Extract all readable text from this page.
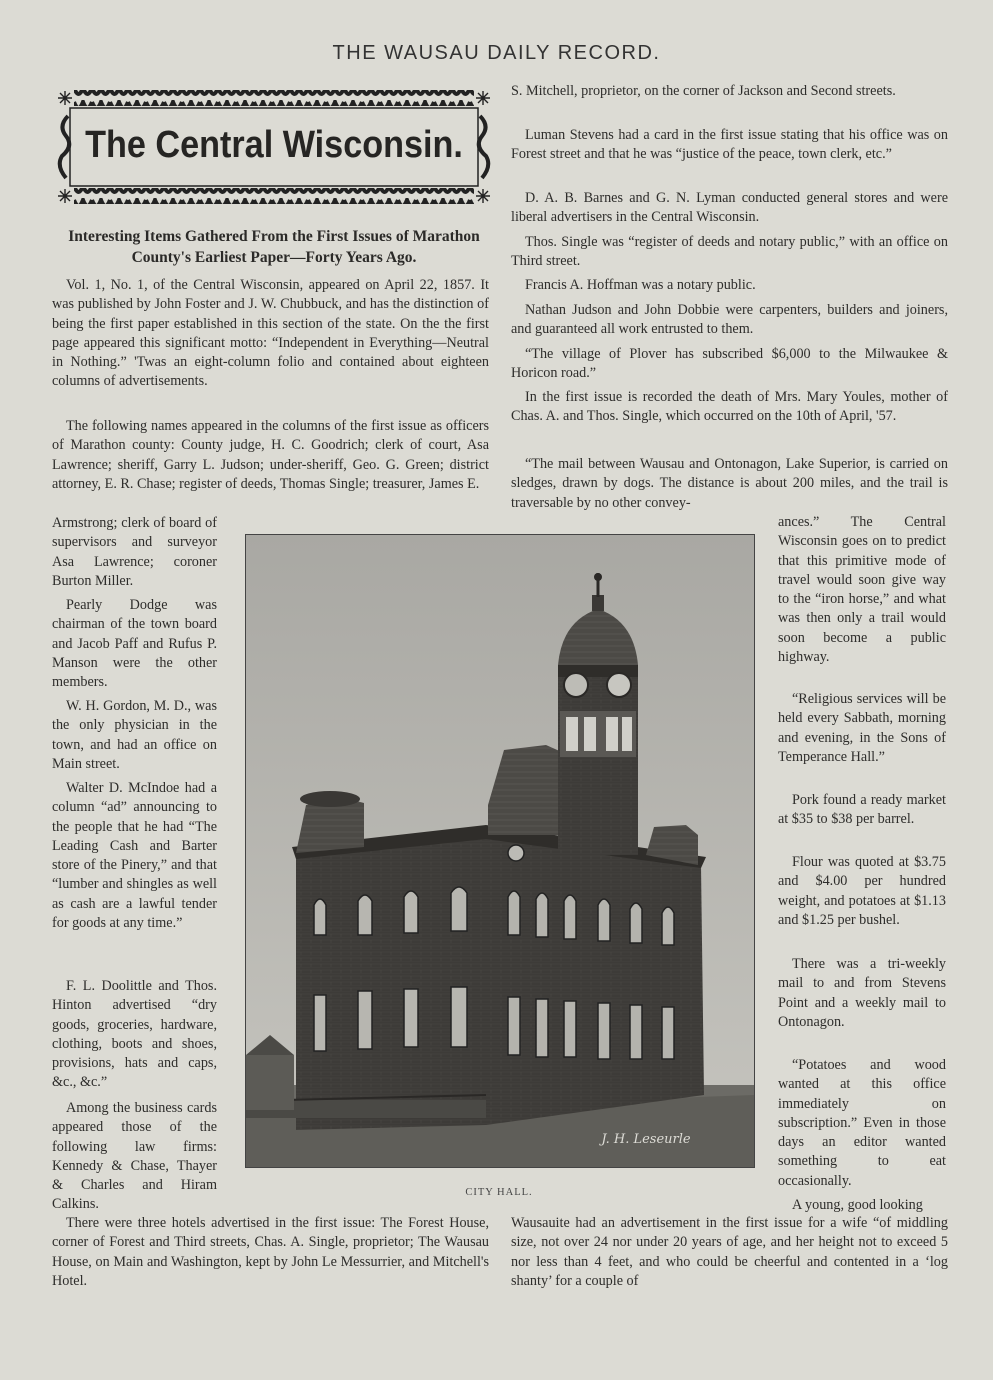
THE WAUSAU DAILY RECORD.
The Central Wisconsin.
Interesting Items Gathered From the First Issues of Marathon County's Earliest Paper—Forty Years Ago.

Vol. 1, No. 1, of the Central Wisconsin, appeared on April 22, 1857. It was published by John Foster and J. W. Chubbuck, and has the distinction of being the first paper established in this section of the state. On the the first page appeared this significant motto: “Independent in Everything—Neutral in Nothing.” 'Twas an eight-column folio and contained about eighteen columns of advertisements.

The following names appeared in the columns of the first issue as officers of Marathon county: County judge, H. C. Goodrich; clerk of court, Asa Lawrence; sheriff, Garry L. Judson; under-sheriff, Geo. G. Green; district attorney, E. R. Chase; register of deeds, Thomas Single; treasurer, James E.

Armstrong; clerk of board of supervisors and surveyor Asa Lawrence; coroner Burton Miller.

Pearly Dodge was chairman of the town board and Jacob Paff and Rufus P. Manson were the other members.

W. H. Gordon, M. D., was the only physician in the town, and had an office on Main street.

Walter D. McIndoe had a column “ad” announcing to the people that he had “The Leading Cash and Barter store of the Pinery,” and that “lumber and shingles as well as cash are a lawful tender for goods at any time.”

F. L. Doolittle and Thos. Hinton advertised “dry goods, groceries, hardware, clothing, boots and shoes, provisions, hats and caps, &c., &c.”

Among the business cards appeared those of the following law firms: Kennedy & Chase, Thayer & Charles and Hiram Calkins.

There were three hotels advertised in the first issue: The Forest House, corner of Forest and Third streets, Chas. A. Single, proprietor; The Wausau House, on Main and Washington, kept by John Le Messurrier, and Mitchell's Hotel.

S. Mitchell, proprietor, on the corner of Jackson and Second streets.

Luman Stevens had a card in the first issue stating that his office was on Forest street and that he was “justice of the peace, town clerk, etc.”

D. A. B. Barnes and G. N. Lyman conducted general stores and were liberal advertisers in the Central Wisconsin.

Thos. Single was “register of deeds and notary public,” with an office on Third street.

Francis A. Hoffman was a notary public.

Nathan Judson and John Dobbie were carpenters, builders and joiners, and guaranteed all work entrusted to them.

“The village of Plover has subscribed $6,000 to the Milwaukee & Horicon road.”

In the first issue is recorded the death of Mrs. Mary Youles, mother of Chas. A. and Thos. Single, which occurred on the 10th of April, '57.

“The mail between Wausau and Ontonagon, Lake Superior, is carried on sledges, drawn by dogs. The distance is about 200 miles, and the trail is traversable by no other convey-

ances.” The Central Wisconsin goes on to predict that this primitive mode of travel would soon give way to the “iron horse,” and what was then only a trail would soon become a public highway.

“Religious services will be held every Sabbath, morning and evening, in the Sons of Temperance Hall.”

Pork found a ready market at $35 to $38 per barrel.

Flour was quoted at $3.75 and $4.00 per hundred weight, and potatoes at $1.13 and $1.25 per bushel.

There was a tri-weekly mail to and from Stevens Point and a weekly mail to Ontonagon.

“Potatoes and wood wanted at this office immediately on subscription.” Even in those days an editor wanted something to eat occasionally.

A young, good looking

Wausauite had an advertisement in the first issue for a wife “of middling size, not over 24 nor under 20 years of age, and her height not to exceed 5 nor less than 4 feet, and who could be cheerful and contented in a ‘log shanty’ for a couple of

J. H. Leseurle
CITY HALL.
